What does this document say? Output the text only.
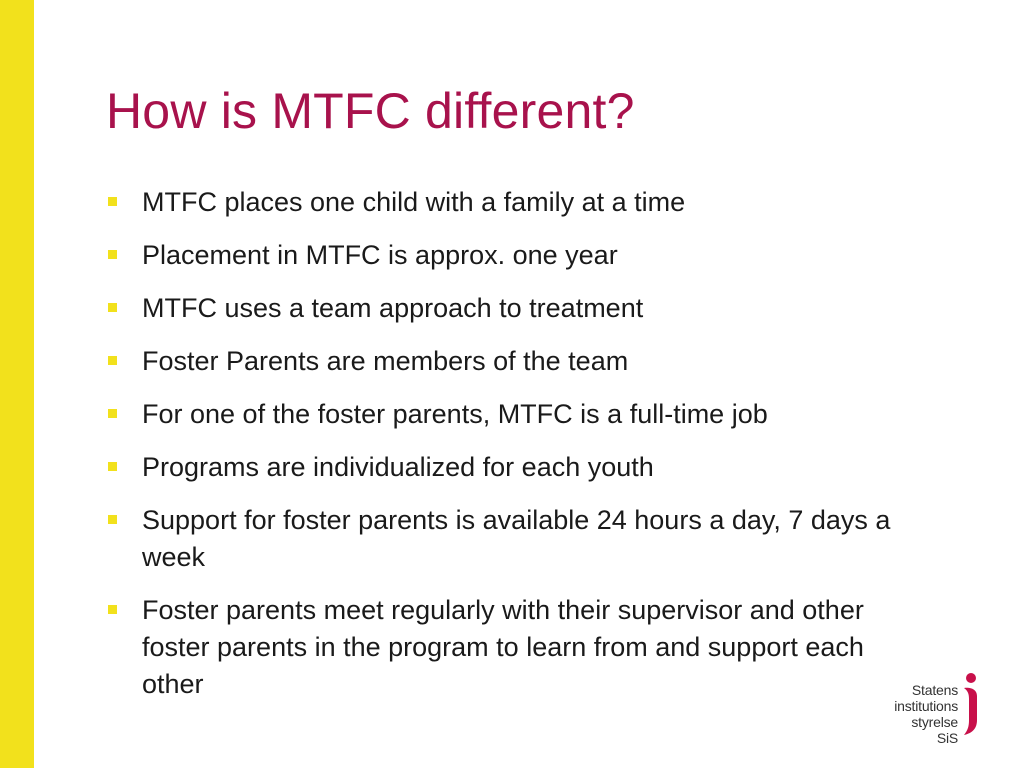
How is MTFC different?
MTFC places one child with a family at a time
Placement in MTFC is approx. one year
MTFC uses a team approach to treatment
Foster Parents are members of the team
For one of the foster parents, MTFC is a full-time job
Programs are individualized for each youth
Support for foster parents is available 24 hours a day, 7 days a week
Foster parents meet regularly with their supervisor and other foster parents in the program to learn from and support each other	Statens
institutions
styrelse SiS
